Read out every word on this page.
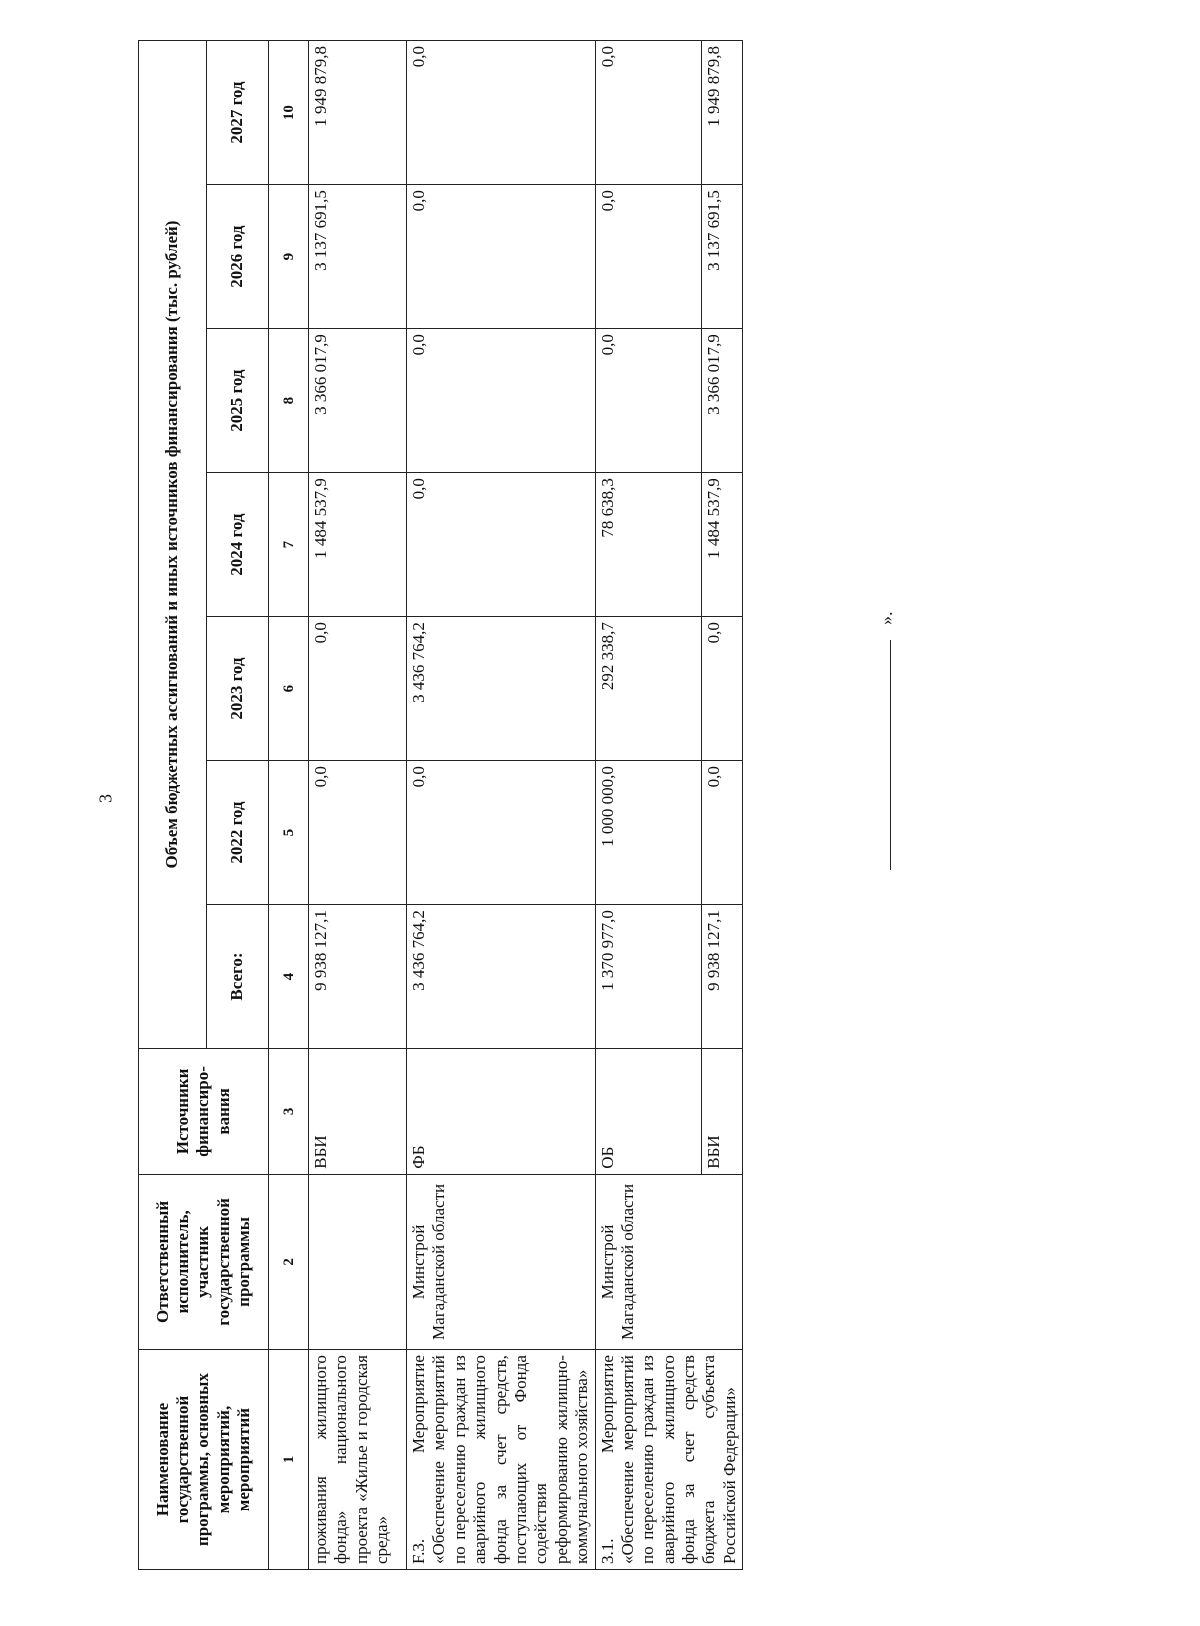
3
Наименование государственной программы, основных мероприятий, мероприятий	Ответственный исполнитель, участник государственной программы	Источники финансиро-вания	Объем бюджетных ассигнований и иных источников финансирования (тыс. рублей)						
			Всего:	2022 год	2023 год	2024 год	2025 год	2026 год	2027 год
1	2	3	4	5	6	7	8	9	10
проживания жилищного фонда» национального проекта «Жилье и городская среда»		ВБИ	9 938 127,1	0,0	0,0	1 484 537,9	3 366 017,9	3 137 691,5	1 949 879,8
F.3. Мероприятие «Обеспечение мероприятий по переселению граждан из аварийного жилищного фонда за счет средств, поступающих от Фонда содействия реформированию жилищно-коммунального хозяйства»	Минстрой Магаданской области	ФБ	3 436 764,2	0,0	3 436 764,2	0,0	0,0	0,0	0,0
3.1. Мероприятие «Обеспечение мероприятий по переселению граждан из аварийного жилищного фонда за счет средств бюджета субъекта Российской Федерации»	Минстрой Магаданской области	ОБ	1 370 977,0	1 000 000,0	292 338,7	78 638,3	0,0	0,0	0,0
		ВБИ	9 938 127,1	0,0	0,0	1 484 537,9	3 366 017,9	3 137 691,5	1 949 879,8
».
